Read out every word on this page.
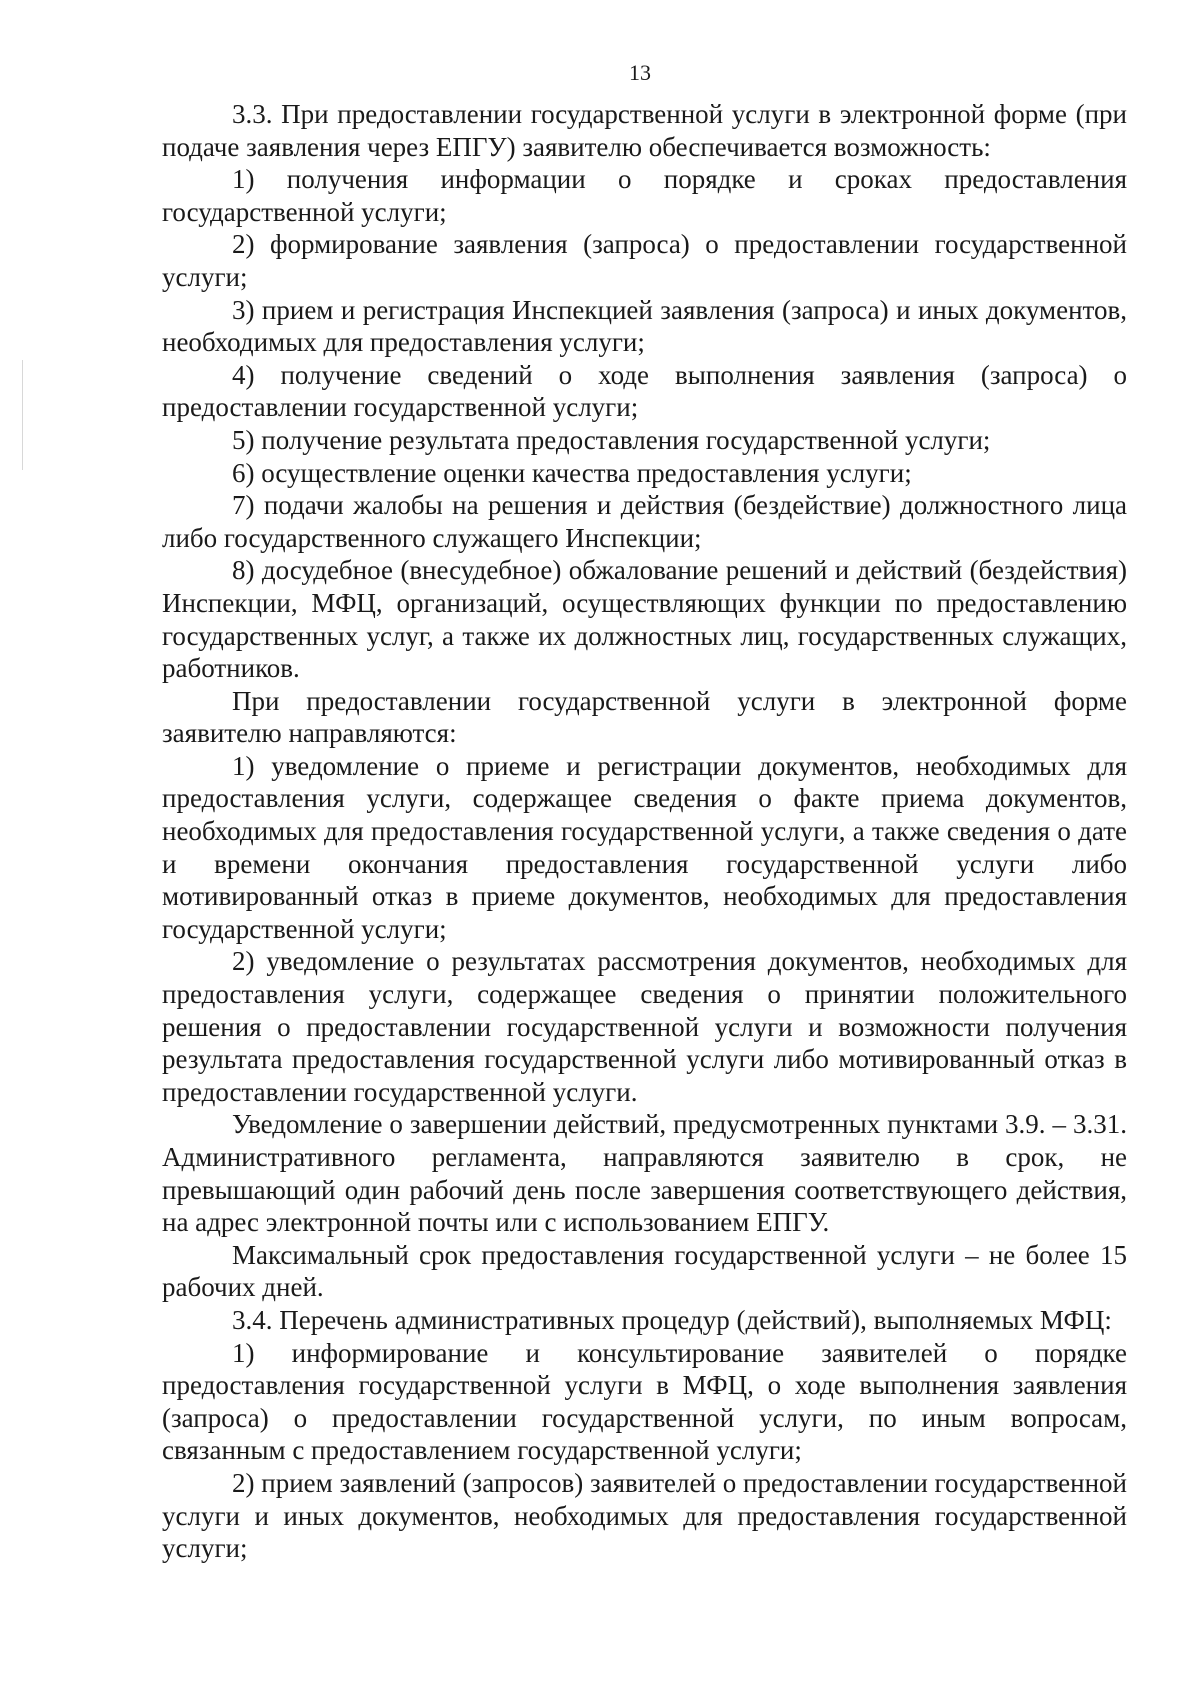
13

3.3. При предоставлении государственной услуги в электронной форме (при подаче заявления через ЕПГУ) заявителю обеспечивается возможность:

1) получения информации о порядке и сроках предоставления государственной услуги;

2) формирование заявления (запроса) о предоставлении государственной услуги;

3) прием и регистрация Инспекцией заявления (запроса) и иных документов, необходимых для предоставления услуги;

4) получение сведений о ходе выполнения заявления (запроса) о предоставлении государственной услуги;

5) получение результата предоставления государственной услуги;

6) осуществление оценки качества предоставления услуги;

7) подачи жалобы на решения и действия (бездействие) должностного лица либо государственного служащего Инспекции;

8) досудебное (внесудебное) обжалование решений и действий (бездействия) Инспекции, МФЦ, организаций, осуществляющих функции по предоставлению государственных услуг, а также их должностных лиц, государственных служащих, работников.

При предоставлении государственной услуги в электронной форме заявителю направляются:

1) уведомление о приеме и регистрации документов, необходимых для предоставления услуги, содержащее сведения о факте приема документов, необходимых для предоставления государственной услуги, а также сведения о дате и времени окончания предоставления государственной услуги либо мотивированный отказ в приеме документов, необходимых для предоставления государственной услуги;

2) уведомление о результатах рассмотрения документов, необходимых для предоставления услуги, содержащее сведения о принятии положительного решения о предоставлении государственной услуги и возможности получения результата предоставления государственной услуги либо мотивированный отказ в предоставлении государственной услуги.

Уведомление о завершении действий, предусмотренных пунктами 3.9. – 3.31. Административного регламента, направляются заявителю в срок, не превышающий один рабочий день после завершения соответствующего действия, на адрес электронной почты или с использованием ЕПГУ.

Максимальный срок предоставления государственной услуги – не более 15 рабочих дней.

3.4. Перечень административных процедур (действий), выполняемых МФЦ:

1) информирование и консультирование заявителей о порядке предоставления государственной услуги в МФЦ, о ходе выполнения заявления (запроса) о предоставлении государственной услуги, по иным вопросам, связанным с предоставлением государственной услуги;

2) прием заявлений (запросов) заявителей о предоставлении государственной услуги и иных документов, необходимых для предоставления государственной услуги;
